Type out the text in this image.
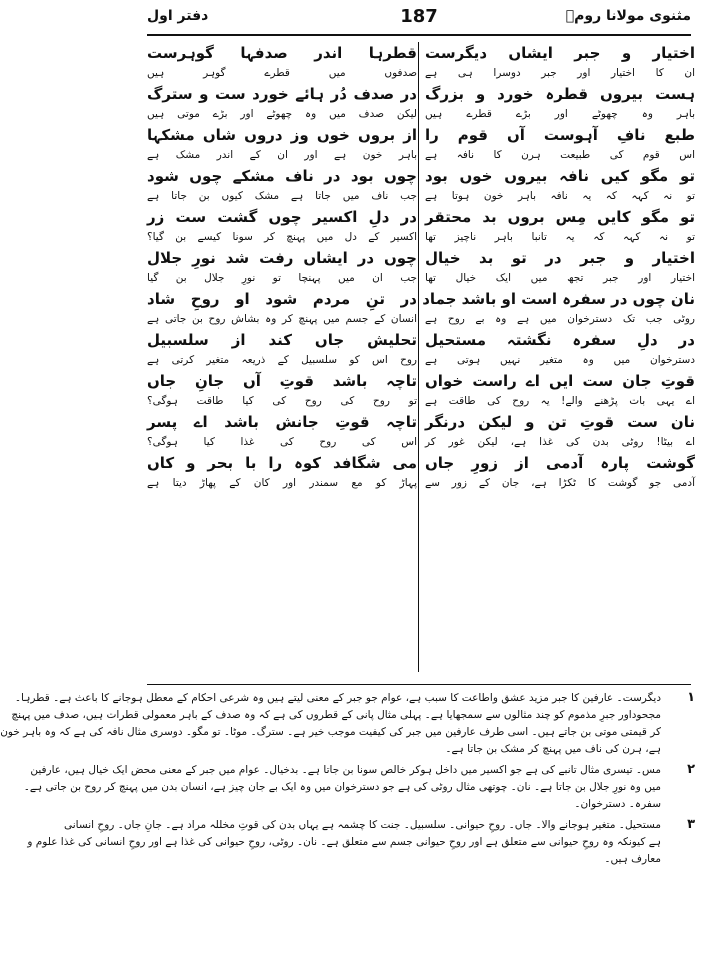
مثنوی مولانا رومؒ
187
دفتر اول
اختیار و جبر ایشاں دیگرست
ان کا اختیار اور جبر دوسرا ہی ہے
ہست بیروں قطرہ خورد و بزرگ
باہر وہ چھوٹے اور بڑے قطرے ہیں
طبع نافِ آہوست آں قوم را
اس قوم کی طبیعت ہرن کا نافہ ہے
تو مگو کیں نافہ بیروں خوں بود
تو نہ کہہ کہ یہ نافہ باہر خون ہوتا ہے
تو مگو کایں مِس بروں بد محتقر
تو نہ کہہ کہ یہ تانبا باہر ناچیز تھا
اختیار و جبر در تو بد خیال
اختیار اور جبر تجھ میں ایک خیال تھا
نان چوں در سفرہ است او باشد جماد
روٹی جب تک دسترخوان میں ہے وہ بے روح ہے
در دلِ سفرہ نگشتہ مستحیل
دسترخوان میں وہ متغیر نہیں ہوتی ہے
قوتِ جان ست ایں اے راست خواں
اے یہی بات پڑھنے والے! یہ روح کی طاقت ہے
نان ست قوتِ تن و لیکن درنگر
اے بیٹا! روٹی بدن کی غذا ہے، لیکن غور کر
گوشت پارہ آدمی از زورِ جاں
آدمی جو گوشت کا ٹکڑا ہے، جان کے زور سے
قطرہا اندر صدفہا گوہرست
صدفوں میں قطرے گوہر ہیں
در صدف دُر ہائے خورد ست و سترگ
لیکن صدف میں وہ چھوٹے اور بڑے موتی ہیں
از بروں خوں وز دروں شاں مشکہا
باہر خون ہے اور ان کے اندر مشک ہے
چوں بود در ناف مشکے چوں شود
جب ناف میں جاتا ہے مشک کیوں بن جاتا ہے
در دلِ اکسیر چوں گشت ست زر
اکسیر کے دل میں پہنچ کر سونا کیسے بن گیا؟
چوں در ایشاں رفت شد نورِ جلال
جب ان میں پہنچا تو نورِ جلال بن گیا
در تنِ مردم شود او روحِ شاد
انسان کے جسم میں پہنچ کر وہ بشاش روح بن جاتی ہے
تحلیش جاں کند از سلسبیل
روح اس کو سلسبیل کے ذریعہ متغیر کرتی ہے
تاچہ باشد قوتِ آں جانِ جاں
تو روح کی روح کی کیا طاقت ہوگی؟
تاچہ قوتِ جانش باشد اے پسر
اس کی روح کی غذا کیا ہوگی؟
می شگافد کوہ را با بحر و کاں
پہاڑ کو مع سمندر اور کان کے پھاڑ دیتا ہے
۱
دیگرست۔ عارفین کا جبر مزید عشق واطاعت کا سبب ہے، عوام جو جبر کے معنی لیتے ہیں وہ شرعی احکام کے معطل ہوجانے کا باعث ہے۔ قطرہا۔
مجحوداور جبرِ مذموم کو چند مثالوں سے سمجھایا ہے۔ پہلی مثال پانی کے قطروں کی ہے کہ وہ صدف کے باہر معمولی قطرات ہیں، صدف میں پہنچ
کر قیمتی موتی بن جاتے ہیں۔ اسی طرف عارفین میں جبر کی کیفیت موجب خیر ہے۔ سترگ۔ موٹا۔ تو مگو۔ دوسری مثال نافہ کی ہے کہ وہ باہر خون
ہے، ہرن کی ناف میں پہنچ کر مشک بن جاتا ہے۔
۲
مس۔ تیسری مثال تانبے کی ہے جو اکسیر میں داخل ہوکر خالص سونا بن جاتا ہے۔ بدخیال۔ عوام میں جبر کے معنی محض ایک خیال ہیں، عارفین
میں وہ نورِ جلال بن جاتا ہے۔ نان۔ چوتھی مثال روٹی کی ہے جو دسترخوان میں وہ ایک بے جان چیز ہے، انسان بدن میں پہنچ کر روح بن جاتی ہے۔
سفرہ۔ دسترخوان۔
۳
مستحیل۔ متغیر ہوجانے والا۔ جاں۔ روحِ حیوانی۔ سلسبیل۔ جنت کا چشمہ ہے یہاں بدن کی قوتِ مخللہ مراد ہے۔ جانِ جاں۔ روحِ انسانی
ہے کیونکہ وہ روحِ حیوانی سے متعلق ہے اور روحِ حیوانی جسم سے متعلق ہے۔ نان۔ روٹی، روحِ حیوانی کی غذا ہے اور روحِ انسانی کی غذا علوم و
معارف ہیں۔
